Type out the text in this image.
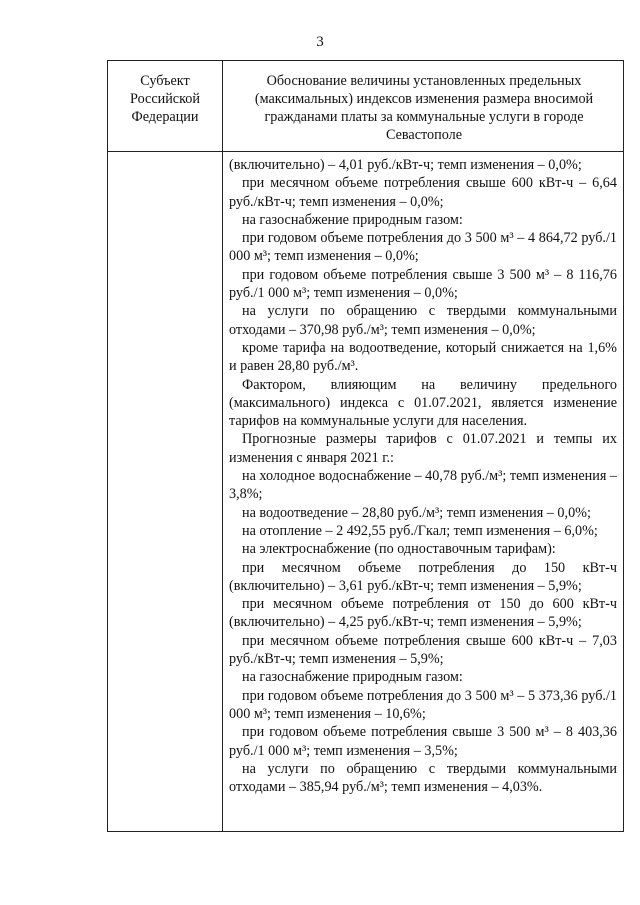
3
Субъект
Российской
Федерации
Обоснование величины установленных предельных
(максимальных) индексов изменения размера вносимой
гражданами платы за коммунальные услуги в городе
Севастополе

(включительно) – 4,01 руб./кВт-ч; темп изменения – 0,0%;

при месячном объеме потребления свыше 600 кВт-ч – 6,64 руб./кВт-ч; темп изменения – 0,0%;

на газоснабжение природным газом:

при годовом объеме потребления до 3 500 м³ – 4 864,72 руб./1 000 м³; темп изменения – 0,0%;

при годовом объеме потребления свыше 3 500 м³ – 8 116,76 руб./1 000 м³; темп изменения – 0,0%;

на услуги по обращению с твердыми коммунальными отходами – 370,98 руб./м³; темп изменения – 0,0%;

кроме тарифа на водоотведение, который снижается на 1,6% и равен 28,80 руб./м³.

Фактором, влияющим на величину предельного (максимального) индекса с 01.07.2021, является изменение тарифов на коммунальные услуги для населения.

Прогнозные размеры тарифов с 01.07.2021 и темпы их изменения с января 2021 г.:

на холодное водоснабжение – 40,78 руб./м³; темп изменения – 3,8%;

на водоотведение – 28,80 руб./м³; темп изменения – 0,0%;

на отопление – 2 492,55 руб./Гкал; темп изменения – 6,0%;

на электроснабжение (по одноставочным тарифам):

при месячном объеме потребления до 150 кВт-ч (включительно) – 3,61 руб./кВт-ч; темп изменения – 5,9%;

при месячном объеме потребления от 150 до 600 кВт-ч (включительно) – 4,25 руб./кВт-ч; темп изменения – 5,9%;

при месячном объеме потребления свыше 600 кВт-ч – 7,03 руб./кВт-ч; темп изменения – 5,9%;

на газоснабжение природным газом:

при годовом объеме потребления до 3 500 м³ – 5 373,36 руб./1 000 м³; темп изменения – 10,6%;

при годовом объеме потребления свыше 3 500 м³ – 8 403,36 руб./1 000 м³; темп изменения – 3,5%;

на услуги по обращению с твердыми коммунальными отходами – 385,94 руб./м³; темп изменения – 4,03%.
